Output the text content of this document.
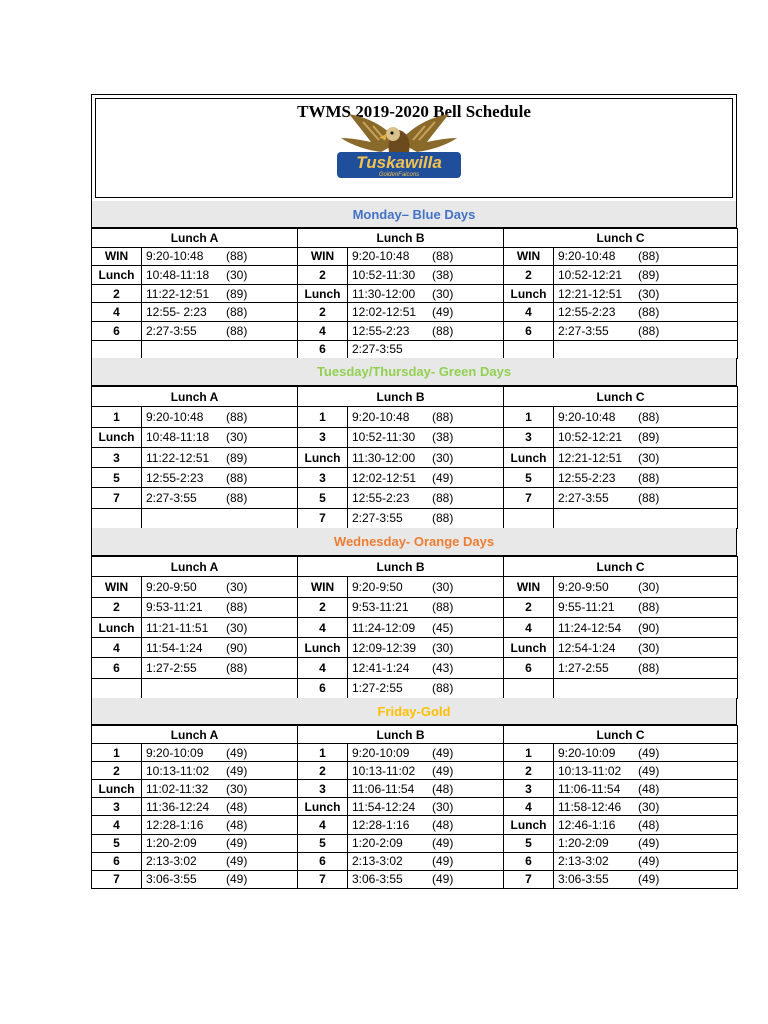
TWMS 2019-2020 Bell Schedule
Tuskawilla
GoldenFalcons
Monday– Blue Days
Lunch A		Lunch B		Lunch C	
WIN	9:20-10:48 (88)	WIN	9:20-10:48 (88)	WIN	9:20-10:48 (88)
Lunch	10:48-11:18 (30)	2	10:52-11:30 (38)	2	10:52-12:21 (89)
2	11:22-12:51 (89)	Lunch	11:30-12:00 (30)	Lunch	12:21-12:51 (30)
4	12:55- 2:23 (88)	2	12:02-12:51 (49)	4	12:55-2:23 (88)
6	2:27-3:55 (88)	4	12:55-2:23 (88)	6	2:27-3:55 (88)
		6	2:27-3:55		
Tuesday/Thursday- Green Days
Lunch A		Lunch B		Lunch C	
1	9:20-10:48 (88)	1	9:20-10:48 (88)	1	9:20-10:48 (88)
Lunch	10:48-11:18 (30)	3	10:52-11:30 (38)	3	10:52-12:21 (89)
3	11:22-12:51 (89)	Lunch	11:30-12:00 (30)	Lunch	12:21-12:51 (30)
5	12:55-2:23 (88)	3	12:02-12:51 (49)	5	12:55-2:23 (88)
7	2:27-3:55 (88)	5	12:55-2:23 (88)	7	2:27-3:55 (88)
		7	2:27-3:55 (88)		
Wednesday- Orange Days
Lunch A		Lunch B		Lunch C	
WIN	9:20-9:50 (30)	WIN	9:20-9:50 (30)	WIN	9:20-9:50 (30)
2	9:53-11:21 (88)	2	9:53-11:21 (88)	2	9:55-11:21 (88)
Lunch	11:21-11:51 (30)	4	11:24-12:09 (45)	4	11:24-12:54 (90)
4	11:54-1:24 (90)	Lunch	12:09-12:39 (30)	Lunch	12:54-1:24 (30)
6	1:27-2:55 (88)	4	12:41-1:24 (43)	6	1:27-2:55 (88)
		6	1:27-2:55 (88)		
Friday-Gold
Lunch A		Lunch B		Lunch C	
1	9:20-10:09 (49)	1	9:20-10:09 (49)	1	9:20-10:09 (49)
2	10:13-11:02 (49)	2	10:13-11:02 (49)	2	10:13-11:02 (49)
Lunch	11:02-11:32 (30)	3	11:06-11:54 (48)	3	11:06-11:54 (48)
3	11:36-12:24 (48)	Lunch	11:54-12:24 (30)	4	11:58-12:46 (30)
4	12:28-1:16 (48)	4	12:28-1:16 (48)	Lunch	12:46-1:16 (48)
5	1:20-2:09 (49)	5	1:20-2:09 (49)	5	1:20-2:09 (49)
6	2:13-3:02 (49)	6	2:13-3:02 (49)	6	2:13-3:02 (49)
7	3:06-3:55 (49)	7	3:06-3:55 (49)	7	3:06-3:55 (49)
